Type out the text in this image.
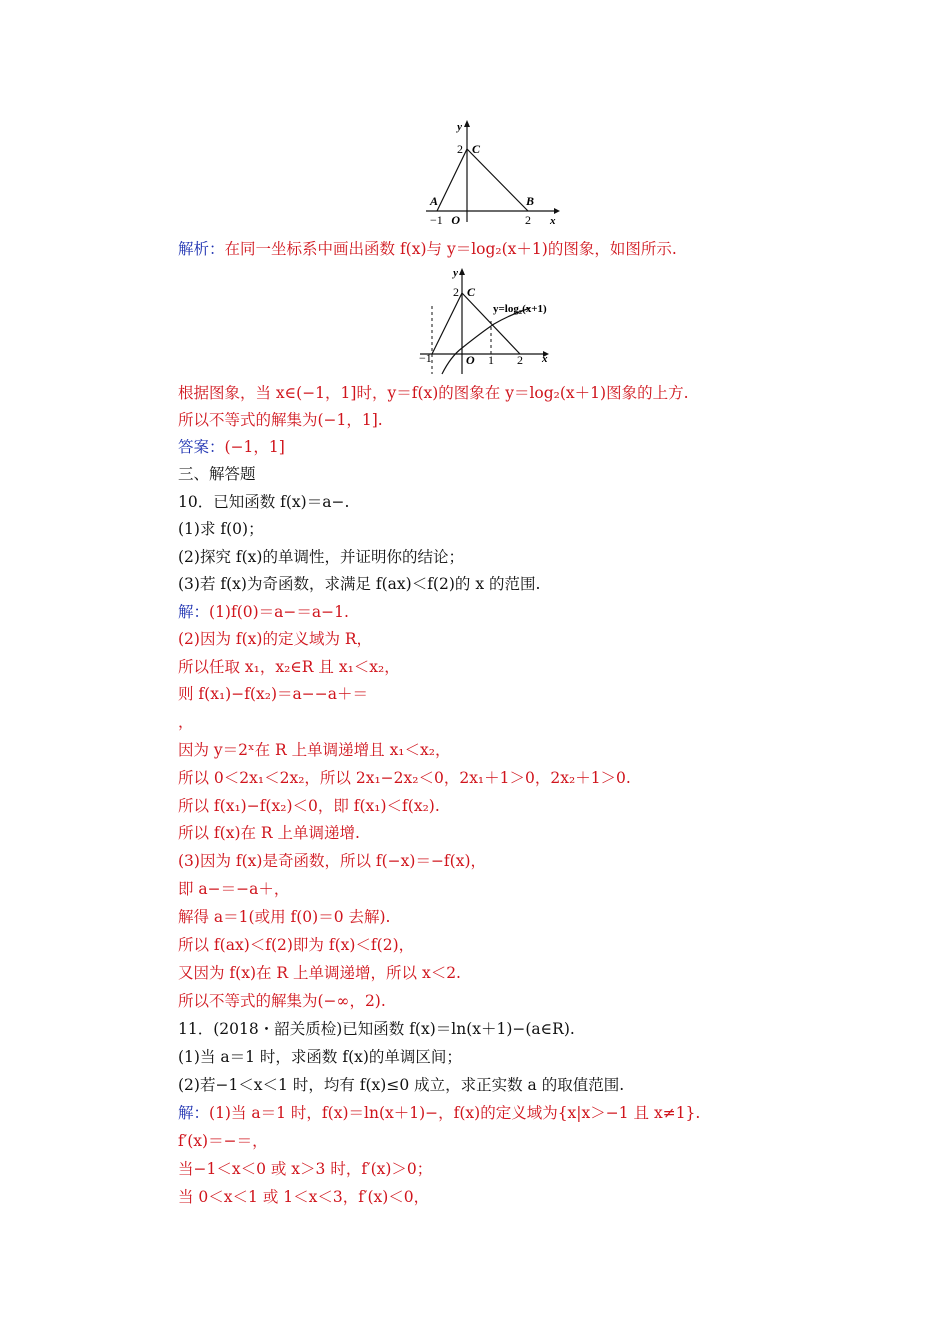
y
2 C
A	B
−1 O	2 x
解析：在同一坐标系中画出函数 f(x)与 y＝log₂(x＋1)的图象，如图所示.
y
2 C
y=log₂(x+1)
−1	O 1 2 x
根据图象，当 x∈(−1，1]时，y＝f(x)的图象在 y＝log₂(x＋1)图象的上方.
所以不等式的解集为(−1，1].
答案：(−1，1]
三、解答题
10．已知函数 f(x)＝a−.
(1)求 f(0)；
(2)探究 f(x)的单调性，并证明你的结论；
(3)若 f(x)为奇函数，求满足 f(ax)＜f(2)的 x 的范围.
解：(1)f(0)＝a−＝a−1.
(2)因为 f(x)的定义域为 R，
所以任取 x₁，x₂∈R 且 x₁＜x₂，
则 f(x₁)−f(x₂)＝a−−a＋＝
，
因为 y＝2ˣ在 R 上单调递增且 x₁＜x₂，
所以 0＜2x₁＜2x₂，所以 2x₁−2x₂＜0，2x₁＋1＞0，2x₂＋1＞0.
所以 f(x₁)−f(x₂)＜0，即 f(x₁)＜f(x₂).
所以 f(x)在 R 上单调递增.
(3)因为 f(x)是奇函数，所以 f(−x)＝−f(x)，
即 a−＝−a＋，
解得 a＝1(或用 f(0)＝0 去解).
所以 f(ax)＜f(2)即为 f(x)＜f(2)，
又因为 f(x)在 R 上单调递增，所以 x＜2.
所以不等式的解集为(−∞，2).
11．(2018・韶关质检)已知函数 f(x)＝ln(x＋1)−(a∈R).
(1)当 a＝1 时，求函数 f(x)的单调区间；
(2)若−1＜x＜1 时，均有 f(x)≤0 成立，求正实数 a 的取值范围.
解：(1)当 a＝1 时，f(x)＝ln(x＋1)−，f(x)的定义域为{x|x＞−1 且 x≠1}.
f′(x)＝−＝，
当−1＜x＜0 或 x＞3 时，f′(x)＞0；
当 0＜x＜1 或 1＜x＜3，f′(x)＜0，
